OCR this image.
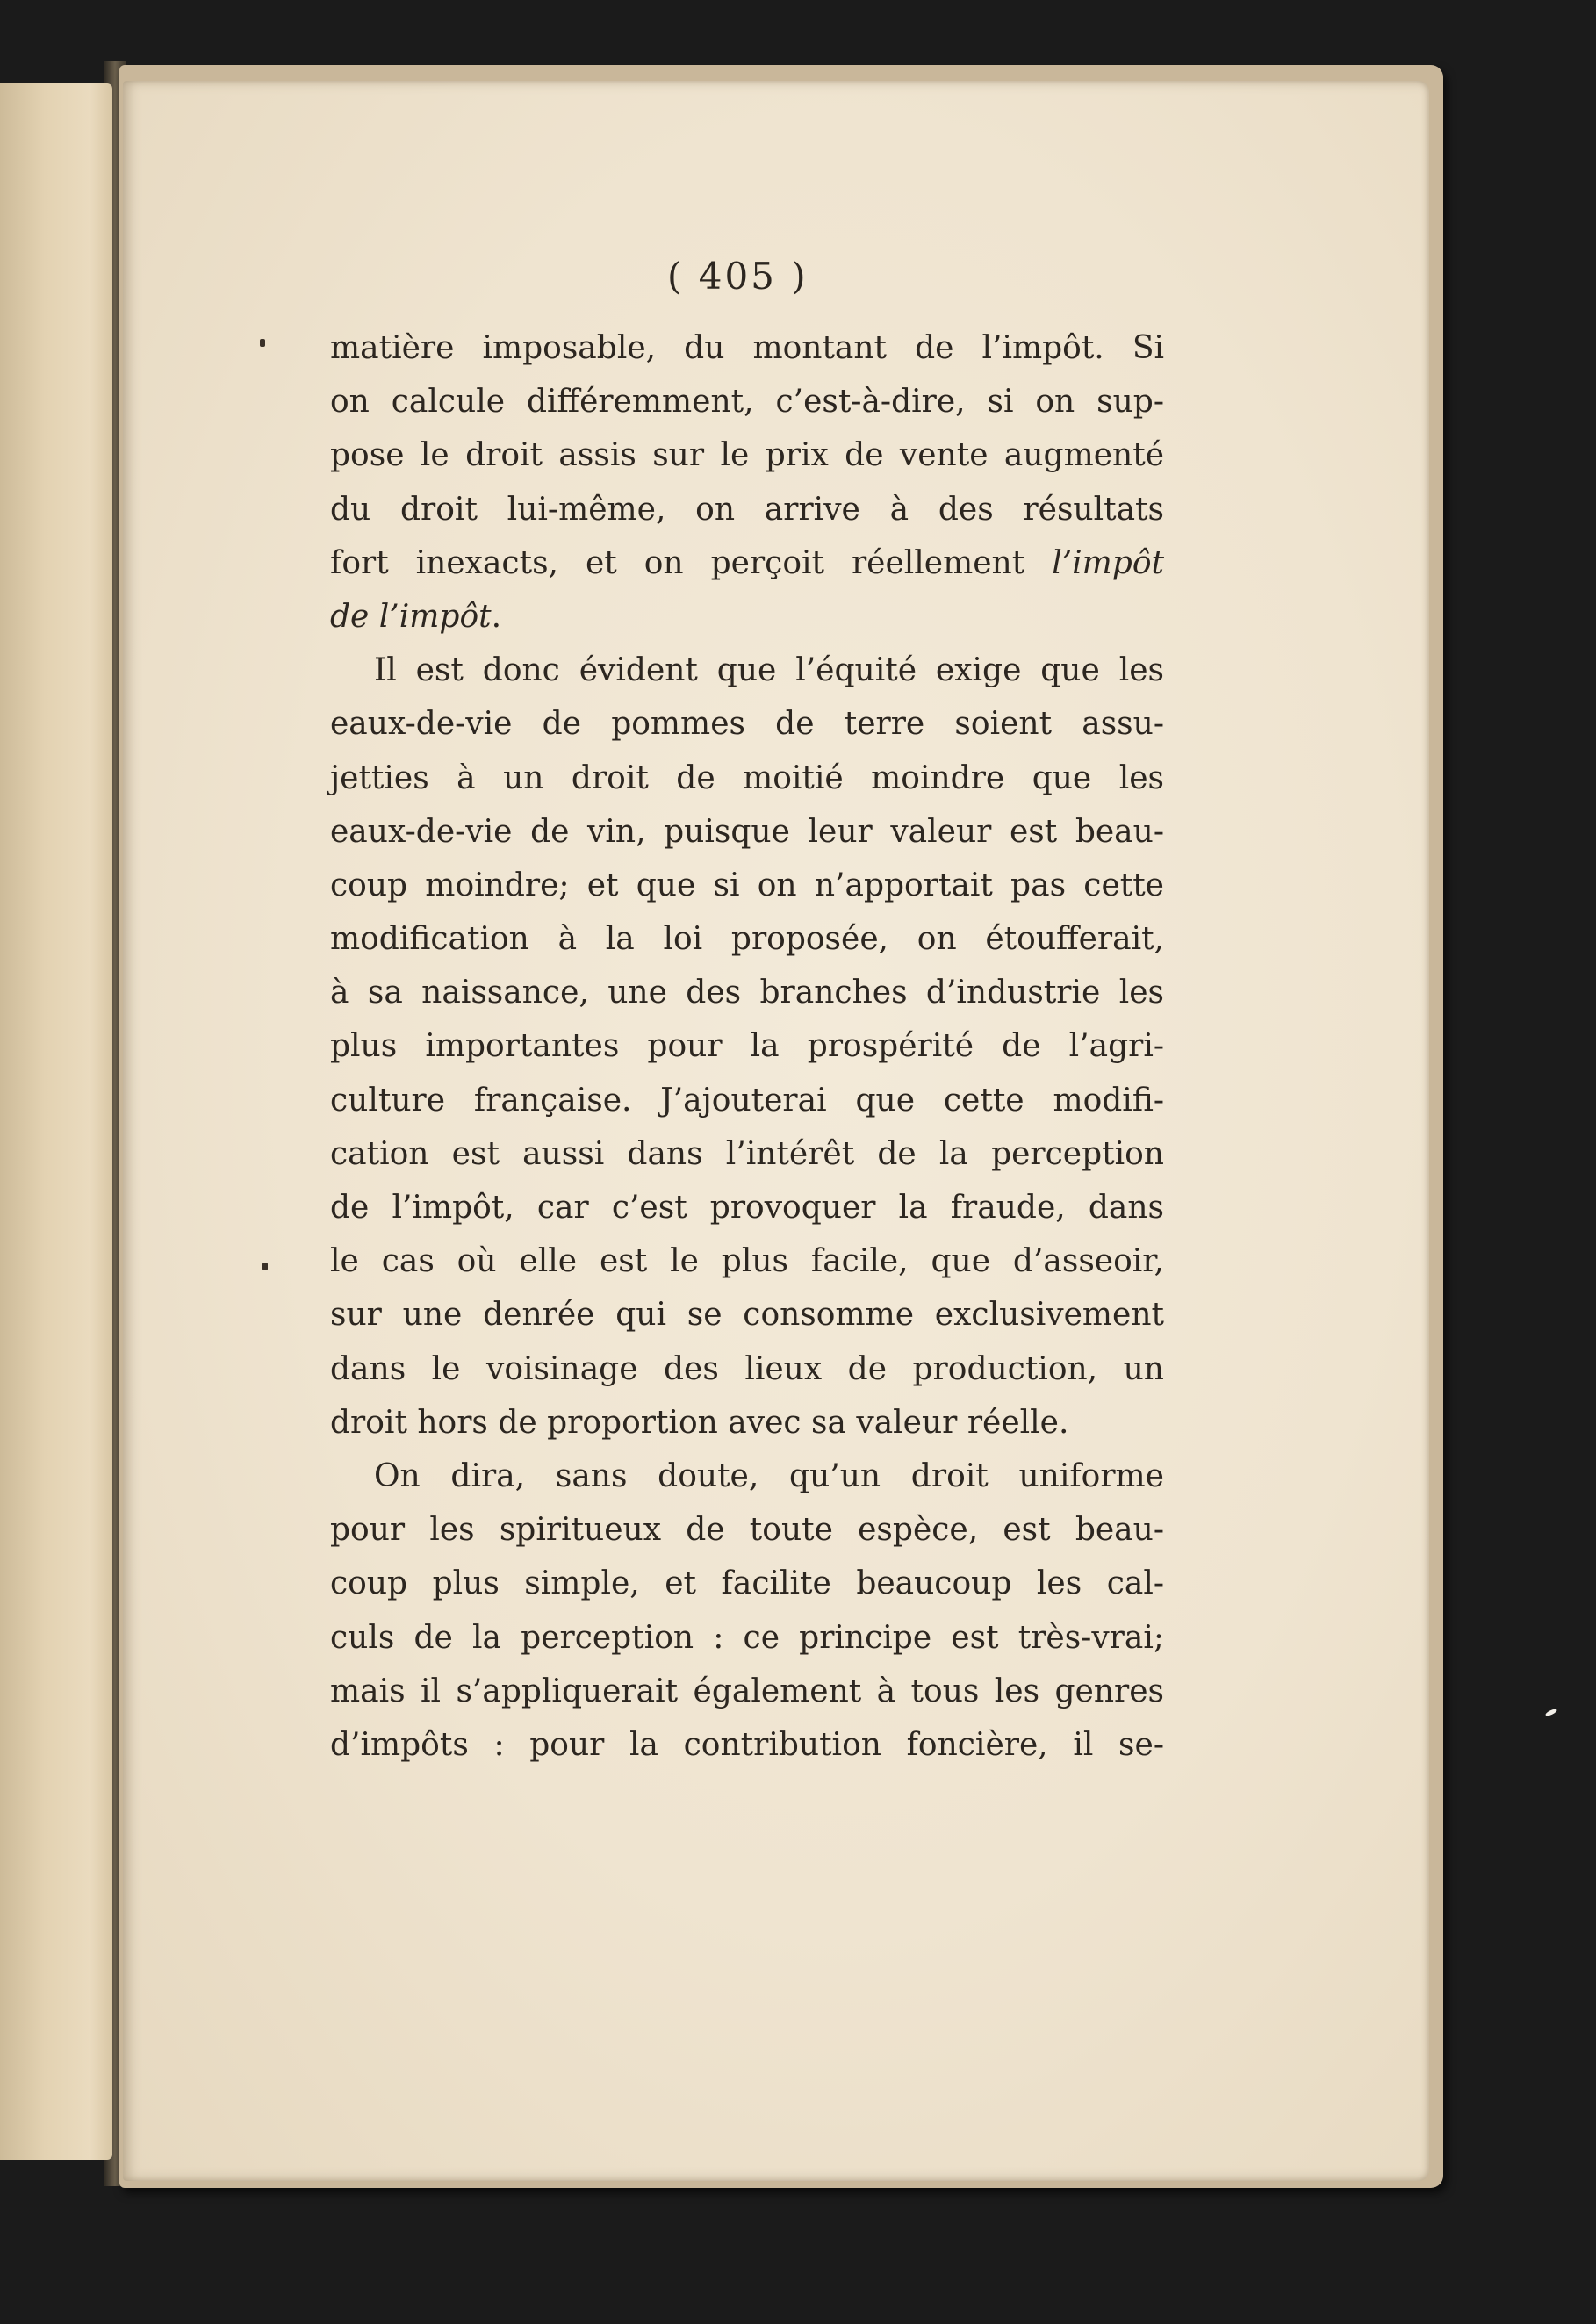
( 405 )
matière imposable, du montant de l’impôt. Si
on calcule différemment, c’est-à-dire, si on sup-
pose le droit assis sur le prix de vente augmenté
du droit lui-même, on arrive à des résultats
fort inexacts, et on perçoit réellement l’impôt
de l’impôt.
Il est donc évident que l’équité exige que les
eaux-de-vie de pommes de terre soient assu-
jetties à un droit de moitié moindre que les
eaux-de-vie de vin, puisque leur valeur est beau-
coup moindre; et que si on n’apportait pas cette
modification à la loi proposée, on étoufferait,
à sa naissance, une des branches d’industrie les
plus importantes pour la prospérité de l’agri-
culture française. J’ajouterai que cette modifi-
cation est aussi dans l’intérêt de la perception
de l’impôt, car c’est provoquer la fraude, dans
le cas où elle est le plus facile, que d’asseoir,
sur une denrée qui se consomme exclusivement
dans le voisinage des lieux de production, un
droit hors de proportion avec sa valeur réelle.
On dira, sans doute, qu’un droit uniforme
pour les spiritueux de toute espèce, est beau-
coup plus simple, et facilite beaucoup les cal-
culs de la perception : ce principe est très-vrai;
mais il s’appliquerait également à tous les genres
d’impôts : pour la contribution foncière, il se-
